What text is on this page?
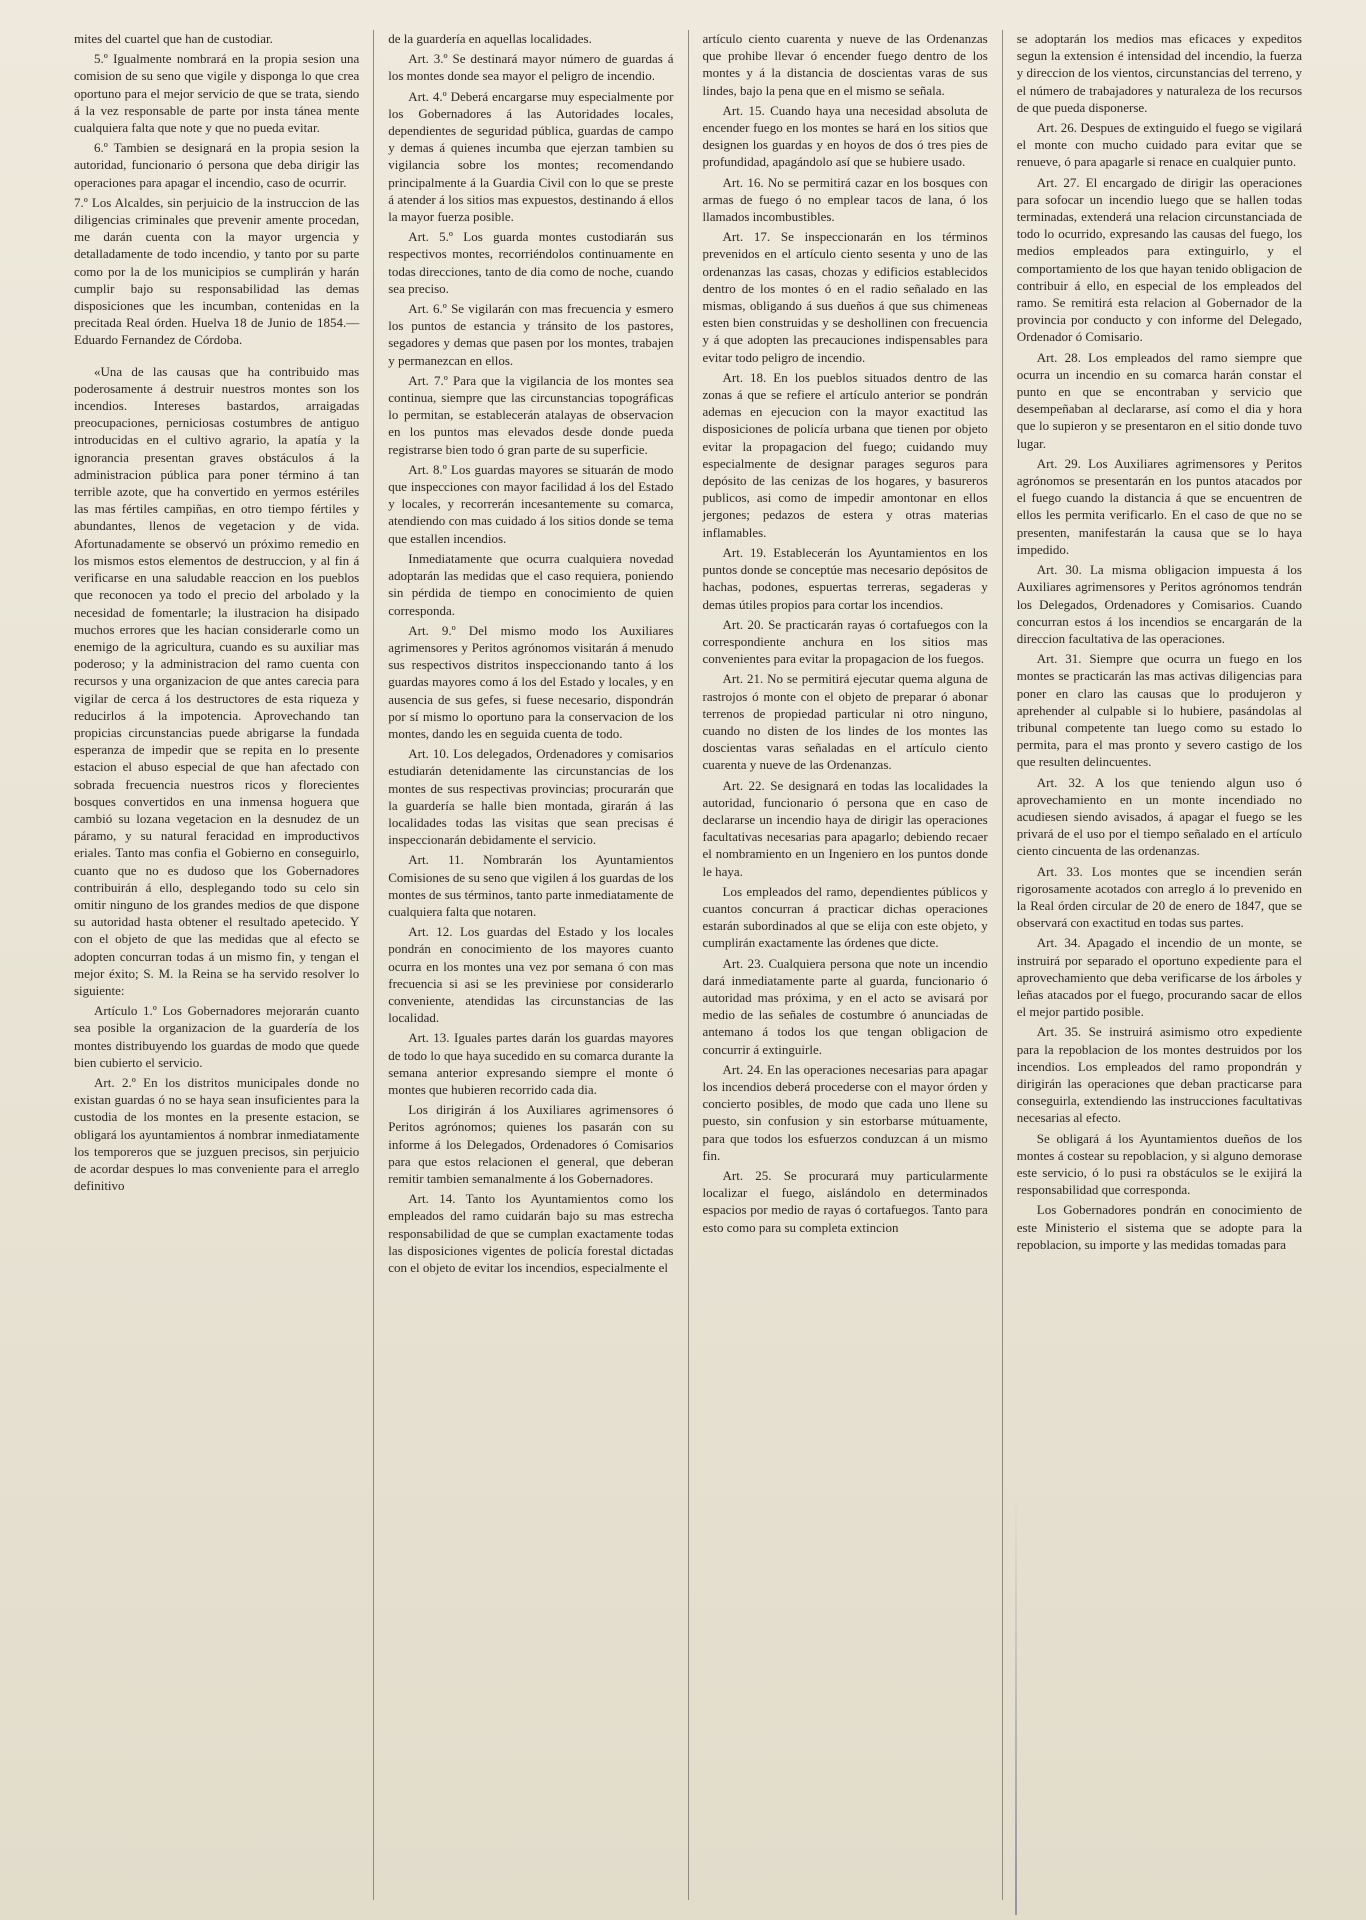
mites del cuartel que han de custodiar.

5.º Igualmente nombrará en la propia sesion una comision de su seno que vigile y disponga lo que crea oportuno para el mejor servicio de que se trata, siendo á la vez responsable de parte por insta tánea mente cualquiera falta que note y que no pueda evitar.

6.º Tambien se designará en la propia sesion la autoridad, funcionario ó persona que deba dirigir las operaciones para apagar el incendio, caso de ocurrir.

7.º Los Alcaldes, sin perjuicio de la instruccion de las diligencias criminales que prevenir amente procedan, me darán cuenta con la mayor urgencia y detalladamente de todo incendio, y tanto por su parte como por la de los municipios se cumplirán y harán cumplir bajo su responsabilidad las demas disposiciones que les incumban, contenidas en la precitada Real órden. Huelva 18 de Junio de 1854.—Eduardo Fernandez de Córdoba.

«Una de las causas que ha contribuido mas poderosamente á destruir nuestros montes son los incendios. Intereses bastardos, arraigadas preocupaciones, perniciosas costumbres de antiguo introducidas en el cultivo agrario, la apatía y la ignorancia presentan graves obstáculos á la administracion pública para poner término á tan terrible azote, que ha convertido en yermos estériles las mas fértiles campiñas, en otro tiempo fértiles y abundantes, llenos de vegetacion y de vida. Afortunadamente se observó un próximo remedio en los mismos estos elementos de destruccion, y al fin á verificarse en una saludable reaccion en los pueblos que reconocen ya todo el precio del arbolado y la necesidad de fomentarle; la ilustracion ha disipado muchos errores que les hacian considerarle como un enemigo de la agricultura, cuando es su auxiliar mas poderoso; y la administracion del ramo cuenta con recursos y una organizacion de que antes carecia para vigilar de cerca á los destructores de esta riqueza y reducirlos á la impotencia. Aprovechando tan propicias circunstancias puede abrigarse la fundada esperanza de impedir que se repita en lo presente estacion el abuso especial de que han afectado con sobrada frecuencia nuestros ricos y florecientes bosques convertidos en una inmensa hoguera que cambió su lozana vegetacion en la desnudez de un páramo, y su natural feracidad en improductivos eriales. Tanto mas confia el Gobierno en conseguirlo, cuanto que no es dudoso que los Gobernadores contribuirán á ello, desplegando todo su celo sin omitir ninguno de los grandes medios de que dispone su autoridad hasta obtener el resultado apetecido. Y con el objeto de que las medidas que al efecto se adopten concurran todas á un mismo fin, y tengan el mejor éxito; S. M. la Reina se ha servido resolver lo siguiente:

Artículo 1.º Los Gobernadores mejorarán cuanto sea posible la organizacion de la guardería de los montes distribuyendo los guardas de modo que quede bien cubierto el servicio.

Art. 2.º En los distritos municipales donde no existan guardas ó no se haya sean insuficientes para la custodia de los montes en la presente estacion, se obligará los ayuntamientos á nombrar inmediatamente los temporeros que se juzguen precisos, sin perjuicio de acordar despues lo mas conveniente para el arreglo definitivo

de la guardería en aquellas localidades.

Art. 3.º Se destinará mayor número de guardas á los montes donde sea mayor el peligro de incendio.

Art. 4.º Deberá encargarse muy especialmente por los Gobernadores á las Autoridades locales, dependientes de seguridad pública, guardas de campo y demas á quienes incumba que ejerzan tambien su vigilancia sobre los montes; recomendando principalmente á la Guardia Civil con lo que se preste á atender á los sitios mas expuestos, destinando á ellos la mayor fuerza posible.

Art. 5.º Los guarda montes custodiarán sus respectivos montes, recorriéndolos continuamente en todas direcciones, tanto de dia como de noche, cuando sea preciso.

Art. 6.º Se vigilarán con mas frecuencia y esmero los puntos de estancia y tránsito de los pastores, segadores y demas que pasen por los montes, trabajen y permanezcan en ellos.

Art. 7.º Para que la vigilancia de los montes sea continua, siempre que las circunstancias topográficas lo permitan, se establecerán atalayas de observacion en los puntos mas elevados desde donde pueda registrarse bien todo ó gran parte de su superficie.

Art. 8.º Los guardas mayores se situarán de modo que inspecciones con mayor facilidad á los del Estado y locales, y recorrerán incesantemente su comarca, atendiendo con mas cuidado á los sitios donde se tema que estallen incendios.

Inmediatamente que ocurra cualquiera novedad adoptarán las medidas que el caso requiera, poniendo sin pérdida de tiempo en conocimiento de quien corresponda.

Art. 9.º Del mismo modo los Auxiliares agrimensores y Peritos agrónomos visitarán á menudo sus respectivos distritos inspeccionando tanto á los guardas mayores como á los del Estado y locales, y en ausencia de sus gefes, si fuese necesario, dispondrán por sí mismo lo oportuno para la conservacion de los montes, dando les en seguida cuenta de todo.

Art. 10. Los delegados, Ordenadores y comisarios estudiarán detenidamente las circunstancias de los montes de sus respectivas provincias; procurarán que la guardería se halle bien montada, girarán á las localidades todas las visitas que sean precisas é inspeccionarán debidamente el servicio.

Art. 11. Nombrarán los Ayuntamientos Comisiones de su seno que vigilen á los guardas de los montes de sus términos, tanto parte inmediatamente de cualquiera falta que notaren.

Art. 12. Los guardas del Estado y los locales pondrán en conocimiento de los mayores cuanto ocurra en los montes una vez por semana ó con mas frecuencia si asi se les previniese por considerarlo conveniente, atendidas las circunstancias de las localidad.

Art. 13. Iguales partes darán los guardas mayores de todo lo que haya sucedido en su comarca durante la semana anterior expresando siempre el monte ó montes que hubieren recorrido cada dia.

Los dirigirán á los Auxiliares agrimensores ó Peritos agrónomos; quienes los pasarán con su informe á los Delegados, Ordenadores ó Comisarios para que estos relacionen el general, que deberan remitir tambien semanalmente á los Gobernadores.

Art. 14. Tanto los Ayuntamientos como los empleados del ramo cuidarán bajo su mas estrecha responsabilidad de que se cumplan exactamente todas las disposiciones vigentes de policía forestal dictadas con el objeto de evitar los incendios, especialmente el

artículo ciento cuarenta y nueve de las Ordenanzas que prohibe llevar ó encender fuego dentro de los montes y á la distancia de doscientas varas de sus lindes, bajo la pena que en el mismo se señala.

Art. 15. Cuando haya una necesidad absoluta de encender fuego en los montes se hará en los sitios que designen los guardas y en hoyos de dos ó tres pies de profundidad, apagándolo así que se hubiere usado.

Art. 16. No se permitirá cazar en los bosques con armas de fuego ó no emplear tacos de lana, ó los llamados incombustibles.

Art. 17. Se inspeccionarán en los términos prevenidos en el artículo ciento sesenta y uno de las ordenanzas las casas, chozas y edificios establecidos dentro de los montes ó en el radio señalado en las mismas, obligando á sus dueños á que sus chimeneas esten bien construidas y se deshollinen con frecuencia y á que adopten las precauciones indispensables para evitar todo peligro de incendio.

Art. 18. En los pueblos situados dentro de las zonas á que se refiere el artículo anterior se pondrán ademas en ejecucion con la mayor exactitud las disposiciones de policía urbana que tienen por objeto evitar la propagacion del fuego; cuidando muy especialmente de designar parages seguros para depósito de las cenizas de los hogares, y basureros publicos, asi como de impedir amontonar en ellos jergones; pedazos de estera y otras materias inflamables.

Art. 19. Establecerán los Ayuntamientos en los puntos donde se conceptúe mas necesario depósitos de hachas, podones, espuertas terreras, segaderas y demas útiles propios para cortar los incendios.

Art. 20. Se practicarán rayas ó cortafuegos con la correspondiente anchura en los sitios mas convenientes para evitar la propagacion de los fuegos.

Art. 21. No se permitirá ejecutar quema alguna de rastrojos ó monte con el objeto de preparar ó abonar terrenos de propiedad particular ni otro ninguno, cuando no disten de los lindes de los montes las doscientas varas señaladas en el artículo ciento cuarenta y nueve de las Ordenanzas.

Art. 22. Se designará en todas las localidades la autoridad, funcionario ó persona que en caso de declararse un incendio haya de dirigir las operaciones facultativas necesarias para apagarlo; debiendo recaer el nombramiento en un Ingeniero en los puntos donde le haya.

Los empleados del ramo, dependientes públicos y cuantos concurran á practicar dichas operaciones estarán subordinados al que se elija con este objeto, y cumplirán exactamente las órdenes que dicte.

Art. 23. Cualquiera persona que note un incendio dará inmediatamente parte al guarda, funcionario ó autoridad mas próxima, y en el acto se avisará por medio de las señales de costumbre ó anunciadas de antemano á todos los que tengan obligacion de concurrir á extinguirle.

Art. 24. En las operaciones necesarias para apagar los incendios deberá procederse con el mayor órden y concierto posibles, de modo que cada uno llene su puesto, sin confusion y sin estorbarse mútuamente, para que todos los esfuerzos conduzcan á un mismo fin.

Art. 25. Se procurará muy particularmente localizar el fuego, aislándolo en determinados espacios por medio de rayas ó cortafuegos. Tanto para esto como para su completa extincion

se adoptarán los medios mas eficaces y expeditos segun la extension é intensidad del incendio, la fuerza y direccion de los vientos, circunstancias del terreno, y el número de trabajadores y naturaleza de los recursos de que pueda disponerse.

Art. 26. Despues de extinguido el fuego se vigilará el monte con mucho cuidado para evitar que se renueve, ó para apagarle si renace en cualquier punto.

Art. 27. El encargado de dirigir las operaciones para sofocar un incendio luego que se hallen todas terminadas, extenderá una relacion circunstanciada de todo lo ocurrido, expresando las causas del fuego, los medios empleados para extinguirlo, y el comportamiento de los que hayan tenido obligacion de contribuir á ello, en especial de los empleados del ramo. Se remitirá esta relacion al Gobernador de la provincia por conducto y con informe del Delegado, Ordenador ó Comisario.

Art. 28. Los empleados del ramo siempre que ocurra un incendio en su comarca harán constar el punto en que se encontraban y servicio que desempeñaban al declararse, así como el dia y hora que lo supieron y se presentaron en el sitio donde tuvo lugar.

Art. 29. Los Auxiliares agrimensores y Peritos agrónomos se presentarán en los puntos atacados por el fuego cuando la distancia á que se encuentren de ellos les permita verificarlo. En el caso de que no se presenten, manifestarán la causa que se lo haya impedido.

Art. 30. La misma obligacion impuesta á los Auxiliares agrimensores y Peritos agrónomos tendrán los Delegados, Ordenadores y Comisarios. Cuando concurran estos á los incendios se encargarán de la direccion facultativa de las operaciones.

Art. 31. Siempre que ocurra un fuego en los montes se practicarán las mas activas diligencias para poner en claro las causas que lo produjeron y aprehender al culpable si lo hubiere, pasándolas al tribunal competente tan luego como su estado lo permita, para el mas pronto y severo castigo de los que resulten delincuentes.

Art. 32. A los que teniendo algun uso ó aprovechamiento en un monte incendiado no acudiesen siendo avisados, á apagar el fuego se les privará de el uso por el tiempo señalado en el artículo ciento cincuenta de las ordenanzas.

Art. 33. Los montes que se incendien serán rigorosamente acotados con arreglo á lo prevenido en la Real órden circular de 20 de enero de 1847, que se observará con exactitud en todas sus partes.

Art. 34. Apagado el incendio de un monte, se instruirá por separado el oportuno expediente para el aprovechamiento que deba verificarse de los árboles y leñas atacados por el fuego, procurando sacar de ellos el mejor partido posible.

Art. 35. Se instruirá asimismo otro expediente para la repoblacion de los montes destruidos por los incendios. Los empleados del ramo propondrán y dirigirán las operaciones que deban practicarse para conseguirla, extendiendo las instrucciones facultativas necesarias al efecto.

Se obligará á los Ayuntamientos dueños de los montes á costear su repoblacion, y si alguno demorase este servicio, ó lo pusi ra obstáculos se le exijirá la responsabilidad que corresponda.

Los Gobernadores pondrán en conocimiento de este Ministerio el sistema que se adopte para la repoblacion, su importe y las medidas tomadas para
